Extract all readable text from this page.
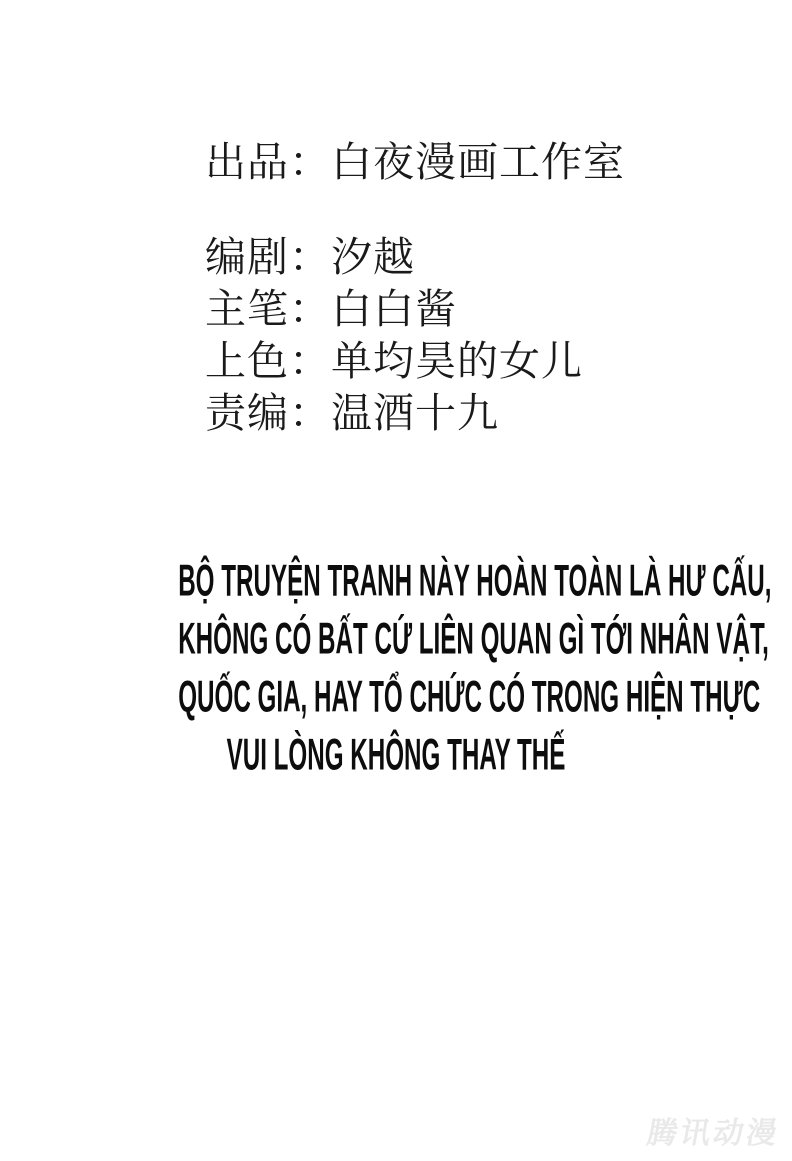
出品：白夜漫画工作室
编剧：汐越
主笔：白白酱
上色：单均昊的女儿
责编：温酒十九
BỘ TRUYỆN TRANH NÀY HOÀN TOÀN LÀ HƯ CẤU,
KHÔNG CÓ BẤT CỨ LIÊN QUAN GÌ TỚI NHÂN VẬT,
QUỐC GIA, HAY TỔ CHỨC CÓ TRONG HIỆN THỰC
VUI LÒNG KHÔNG THAY THẾ
腾讯动漫
